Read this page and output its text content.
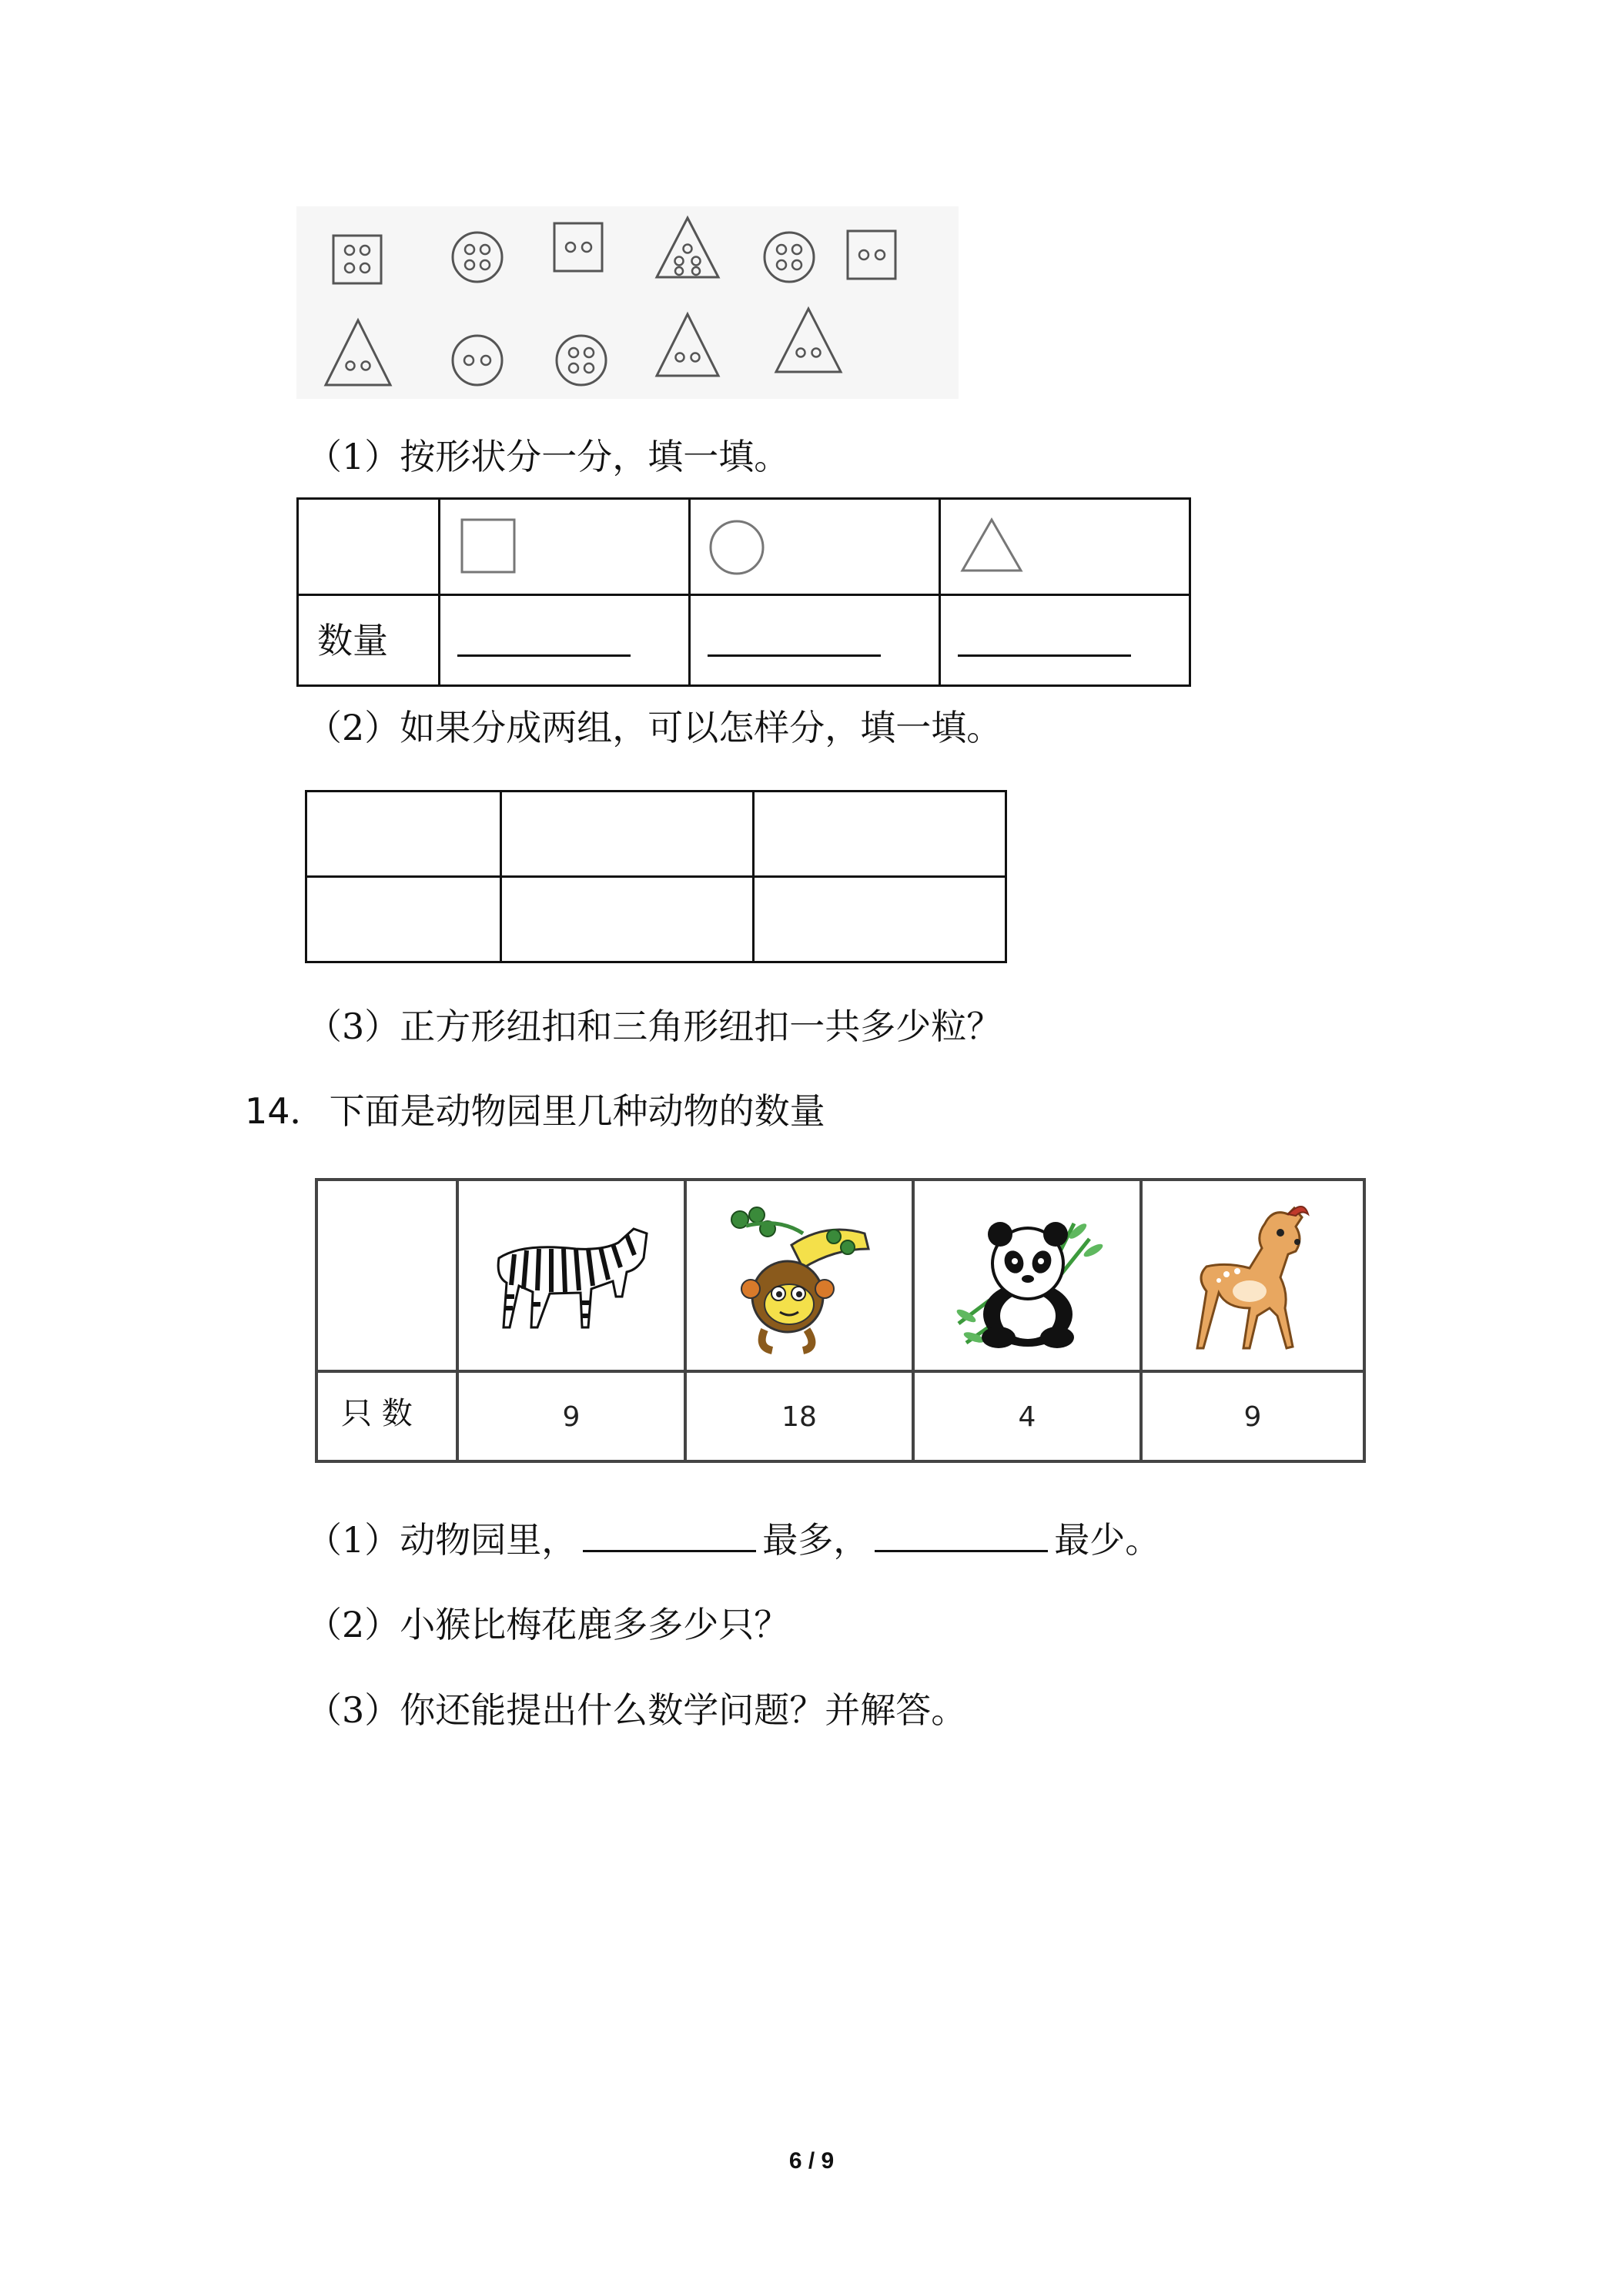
（1）按形状分一分，填一填。

数量			
（2）如果分成两组，可以怎样分，填一填。

（3）正方形纽扣和三角形纽扣一共多少粒？
14． 下面是动物园里几种动物的数量
只 数	9	18	4	9
（1）动物园里，	最多，	最少。
（2）小猴比梅花鹿多多少只？
（3）你还能提出什么数学问题？并解答。
6 / 9
